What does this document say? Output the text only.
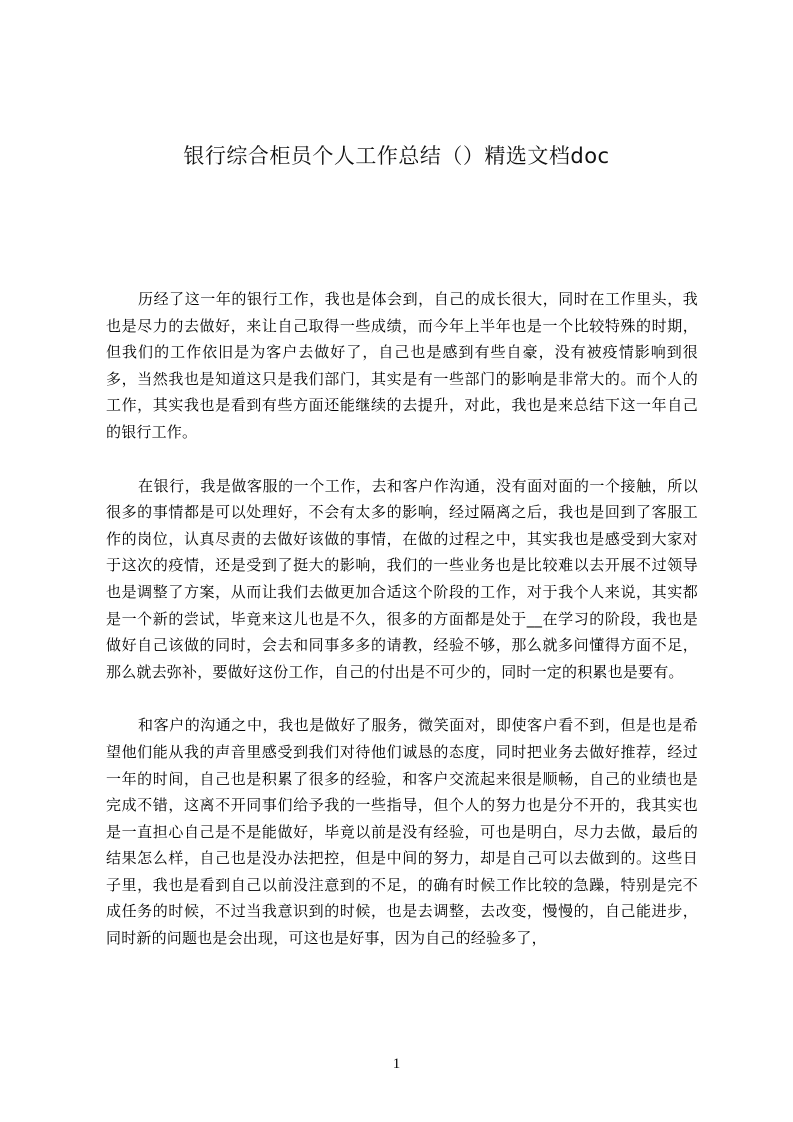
银行综合柜员个人工作总结（）精选文档doc

历经了这一年的银行工作，我也是体会到，自己的成长很大，同时在工作里头，我也是尽力的去做好，来让自己取得一些成绩，而今年上半年也是一个比较特殊的时期，但我们的工作依旧是为客户去做好了，自己也是感到有些自豪，没有被疫情影响到很多，当然我也是知道这只是我们部门，其实是有一些部门的影响是非常大的。而个人的工作，其实我也是看到有些方面还能继续的去提升，对此，我也是来总结下这一年自己的银行工作。

在银行，我是做客服的一个工作，去和客户作沟通，没有面对面的一个接触，所以很多的事情都是可以处理好，不会有太多的影响，经过隔离之后，我也是回到了客服工作的岗位，认真尽责的去做好该做的事情，在做的过程之中，其实我也是感受到大家对于这次的疫情，还是受到了挺大的影响，我们的一些业务也是比较难以去开展不过领导也是调整了方案，从而让我们去做更加合适这个阶段的工作，对于我个人来说，其实都是一个新的尝试，毕竟来这儿也是不久，很多的方面都是处于__在学习的阶段，我也是做好自己该做的同时，会去和同事多多的请教，经验不够，那么就多问懂得方面不足，那么就去弥补，要做好这份工作，自己的付出是不可少的，同时一定的积累也是要有。

和客户的沟通之中，我也是做好了服务，微笑面对，即使客户看不到，但是也是希望他们能从我的声音里感受到我们对待他们诚恳的态度，同时把业务去做好推荐，经过一年的时间，自己也是积累了很多的经验，和客户交流起来很是顺畅，自己的业绩也是完成不错，这离不开同事们给予我的一些指导，但个人的努力也是分不开的，我其实也是一直担心自己是不是能做好，毕竟以前是没有经验，可也是明白，尽力去做，最后的结果怎么样，自己也是没办法把控，但是中间的努力，却是自己可以去做到的。这些日子里，我也是看到自己以前没注意到的不足，的确有时候工作比较的急躁，特别是完不成任务的时候，不过当我意识到的时候，也是去调整，去改变，慢慢的，自己能进步，同时新的问题也是会出现，可这也是好事，因为自己的经验多了，

1
